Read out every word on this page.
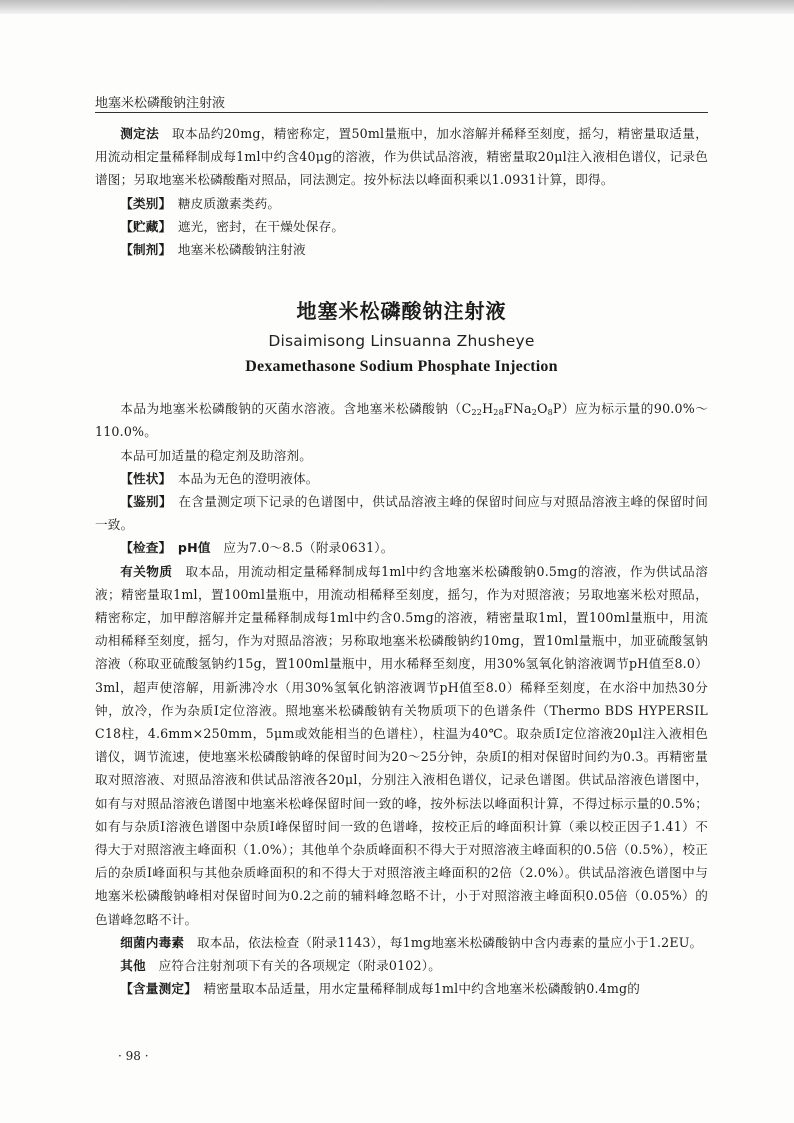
地塞米松磷酸钠注射液

测定法　 取本品约20mg，精密称定，置50ml量瓶中，加水溶解并稀释至刻度，摇匀，精密量取适量，用流动相定量稀释制成每1ml中约含40μg的溶液，作为供试品溶液，精密量取20μl注入液相色谱仪，记录色谱图；另取地塞米松磷酸酯对照品，同法测定。按外标法以峰面积乘以1.0931计算，即得。

【类别】　 糖皮质激素类药。

【贮藏】　 遮光，密封，在干燥处保存。

【制剂】　 地塞米松磷酸钠注射液

地塞米松磷酸钠注射液
Disaimisong Linsuanna Zhusheye
Dexamethasone Sodium Phosphate Injection

本品为地塞米松磷酸钠的灭菌水溶液。含地塞米松磷酸钠$(C_{22}H_{28}FNa_2O_8P)$应为标示量的90.0%～110.0%。

本品可加适量的稳定剂及助溶剂。

【性状】　 本品为无色的澄明液体。

【鉴别】　 在含量测定项下记录的色谱图中，供试品溶液主峰的保留时间应与对照品溶液主峰的保留时间一致。

【检查】　 pH值　 应为7.0～8.5（附录0631）。

有关物质　 取本品，用流动相定量稀释制成每1ml中约含地塞米松磷酸钠0.5mg的溶液，作为供试品溶液；精密量取1ml，置100ml量瓶中，用流动相稀释至刻度，摇匀，作为对照溶液；另取地塞米松对照品，精密称定，加甲醇溶解并定量稀释制成每1ml中约含0.5mg的溶液，精密量取1ml，置100ml量瓶中，用流动相稀释至刻度，摇匀，作为对照品溶液；另称取地塞米松磷酸钠约10mg，置10ml量瓶中，加亚硫酸氢钠溶液（称取亚硫酸氢钠约15g，置100ml量瓶中，用水稀释至刻度，用30%氢氧化钠溶液调节pH值至8.0）3ml，超声使溶解，用新沸冷水（用30%氢氧化钠溶液调节pH值至8.0）稀释至刻度，在水浴中加热30分钟，放冷，作为杂质Ⅰ定位溶液。照地塞米松磷酸钠有关物质项下的色谱条件（Thermo BDS HYPERSIL C18柱，4.6mm×250mm，5μm或效能相当的色谱柱），柱温为40℃。取杂质Ⅰ定位溶液20μl注入液相色谱仪，调节流速，使地塞米松磷酸钠峰的保留时间为20～25分钟，杂质Ⅰ的相对保留时间约为0.3。再精密量取对照溶液、对照品溶液和供试品溶液各20μl，分别注入液相色谱仪，记录色谱图。供试品溶液色谱图中，如有与对照品溶液色谱图中地塞米松峰保留时间一致的峰，按外标法以峰面积计算，不得过标示量的0.5%；如有与杂质Ⅰ溶液色谱图中杂质Ⅰ峰保留时间一致的色谱峰，按校正后的峰面积计算（乘以校正因子1.41）不得大于对照溶液主峰面积（1.0%）；其他单个杂质峰面积不得大于对照溶液主峰面积的0.5倍（0.5%），校正后的杂质Ⅰ峰面积与其他杂质峰面积的和不得大于对照溶液主峰面积的2倍（2.0%）。供试品溶液色谱图中与地塞米松磷酸钠峰相对保留时间为0.2之前的辅料峰忽略不计，小于对照溶液主峰面积0.05倍（0.05%）的色谱峰忽略不计。

细菌内毒素　 取本品，依法检查（附录1143），每1mg地塞米松磷酸钠中含内毒素的量应小于1.2EU。

其他　 应符合注射剂项下有关的各项规定（附录0102）。

【含量测定】　 精密量取本品适量，用水定量稀释制成每1ml中约含地塞米松磷酸钠0.4mg的

· 98 ·
